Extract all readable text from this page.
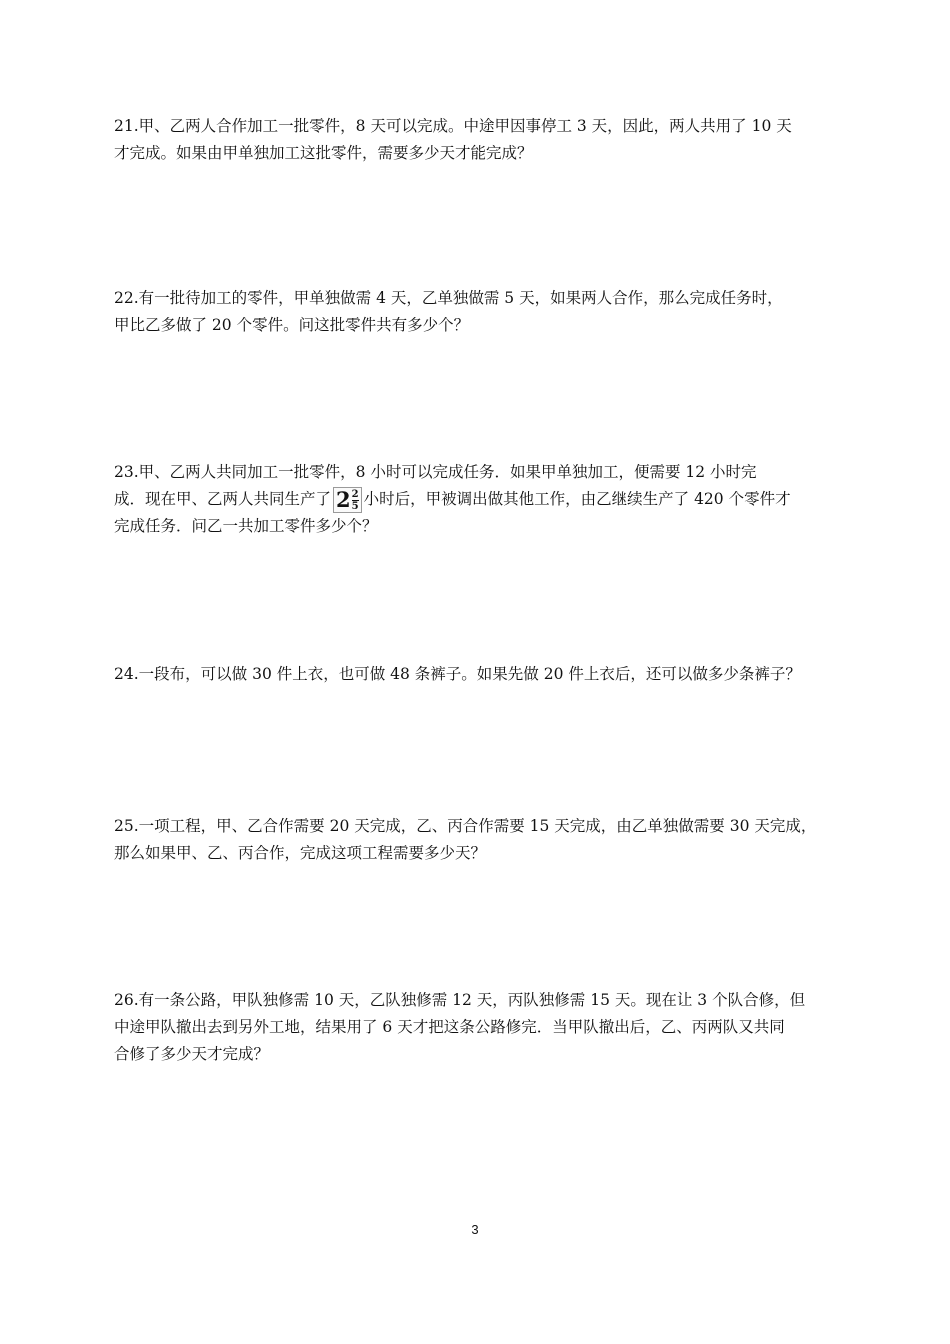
21.甲、乙两人合作加工一批零件，8 天可以完成。中途甲因事停工 3 天，因此，两人共用了 10 天
才完成。如果由甲单独加工这批零件，需要多少天才能完成？

22.有一批待加工的零件，甲单独做需 4 天，乙单独做需 5 天，如果两人合作，那么完成任务时，
甲比乙多做了 20 个零件。问这批零件共有多少个？

23.甲、乙两人共同加工一批零件，8 小时可以完成任务．如果甲单独加工，便需要 12 小时完
成．现在甲、乙两人共同生产了 $2 \frac{2}{5}$ 小时后，甲被调出做其他工作，由乙继续生产了 420 个零件才
完成任务．问乙一共加工零件多少个？

24.一段布，可以做 30 件上衣，也可做 48 条裤子。如果先做 20 件上衣后，还可以做多少条裤子？

25.一项工程，甲、乙合作需要 20 天完成，乙、丙合作需要 15 天完成，由乙单独做需要 30 天完成，
那么如果甲、乙、丙合作，完成这项工程需要多少天？

26.有一条公路，甲队独修需 10 天，乙队独修需 12 天，丙队独修需 15 天。现在让 3 个队合修，但
中途甲队撤出去到另外工地，结果用了 6 天才把这条公路修完．当甲队撤出后，乙、丙两队又共同
合修了多少天才完成？

3
